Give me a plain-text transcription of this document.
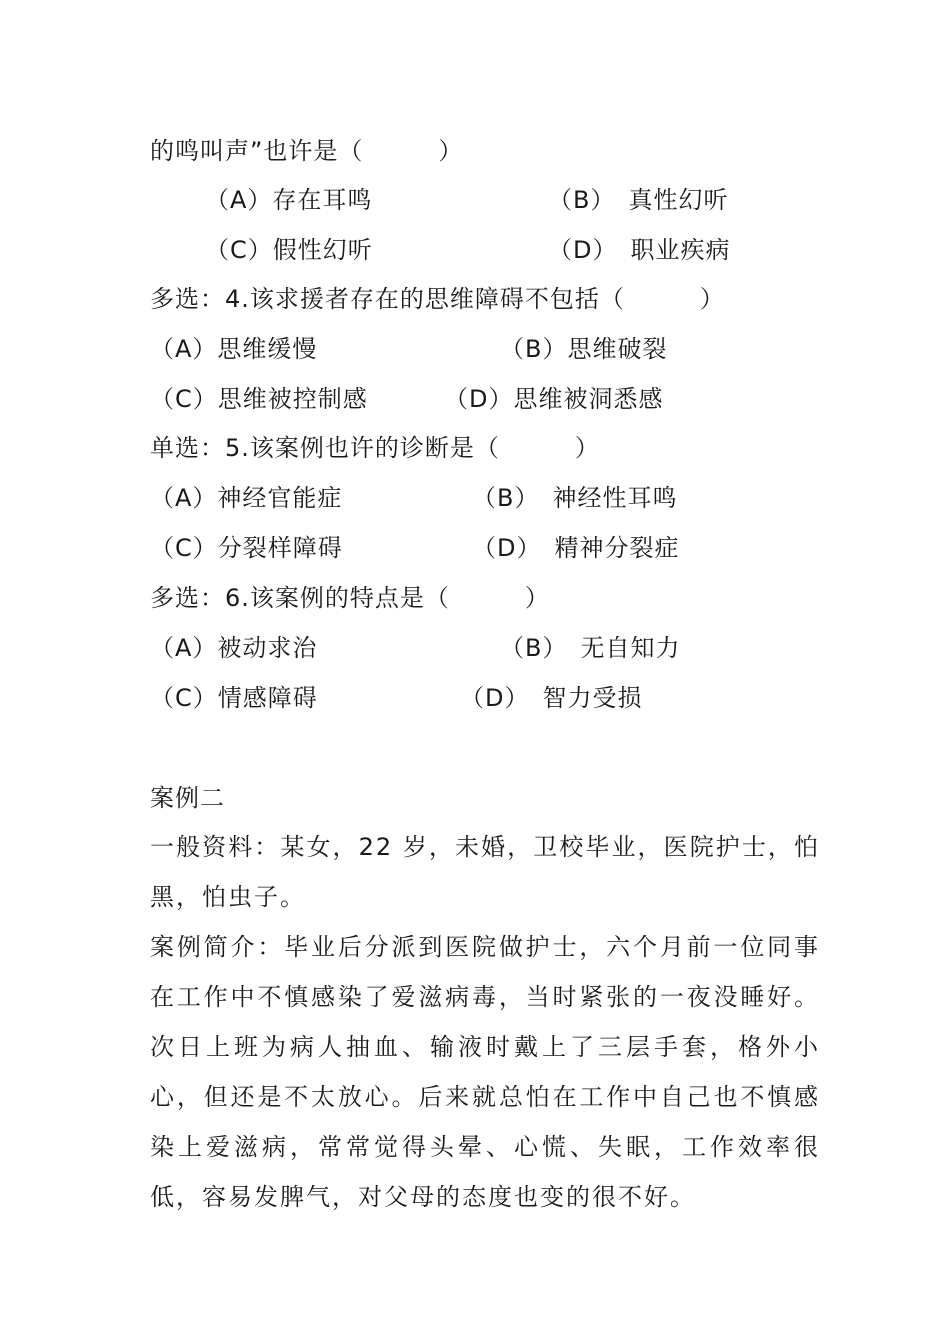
的鸣叫声”也许是（　　　）
（A）存在耳鸣	（B）　真性幻听
（C）假性幻听	（D）　职业疾病
多选：4.该求援者存在的思维障碍不包括（　　　）
（A）思维缓慢	（B）思维破裂
（C）思维被控制感	（D）思维被洞悉感
单选：5.该案例也许的诊断是（　　　）
（A）神经官能症	（B）　神经性耳鸣
（C）分裂样障碍	（D）　精神分裂症
多选：6.该案例的特点是（　　　）
（A）被动求治	（B）　无自知力
（C）情感障碍	（D）　智力受损
案例二
一般资料：某女，22 岁，未婚，卫校毕业，医院护士，怕黑，怕虫子。
案例简介：毕业后分派到医院做护士，六个月前一位同事在工作中不慎感染了爱滋病毒，当时紧张的一夜没睡好。次日上班为病人抽血、输液时戴上了三层手套，格外小心，但还是不太放心。后来就总怕在工作中自己也不慎感染上爱滋病，常常觉得头晕、心慌、失眠，工作效率很低，容易发脾气，对父母的态度也变的很不好。
